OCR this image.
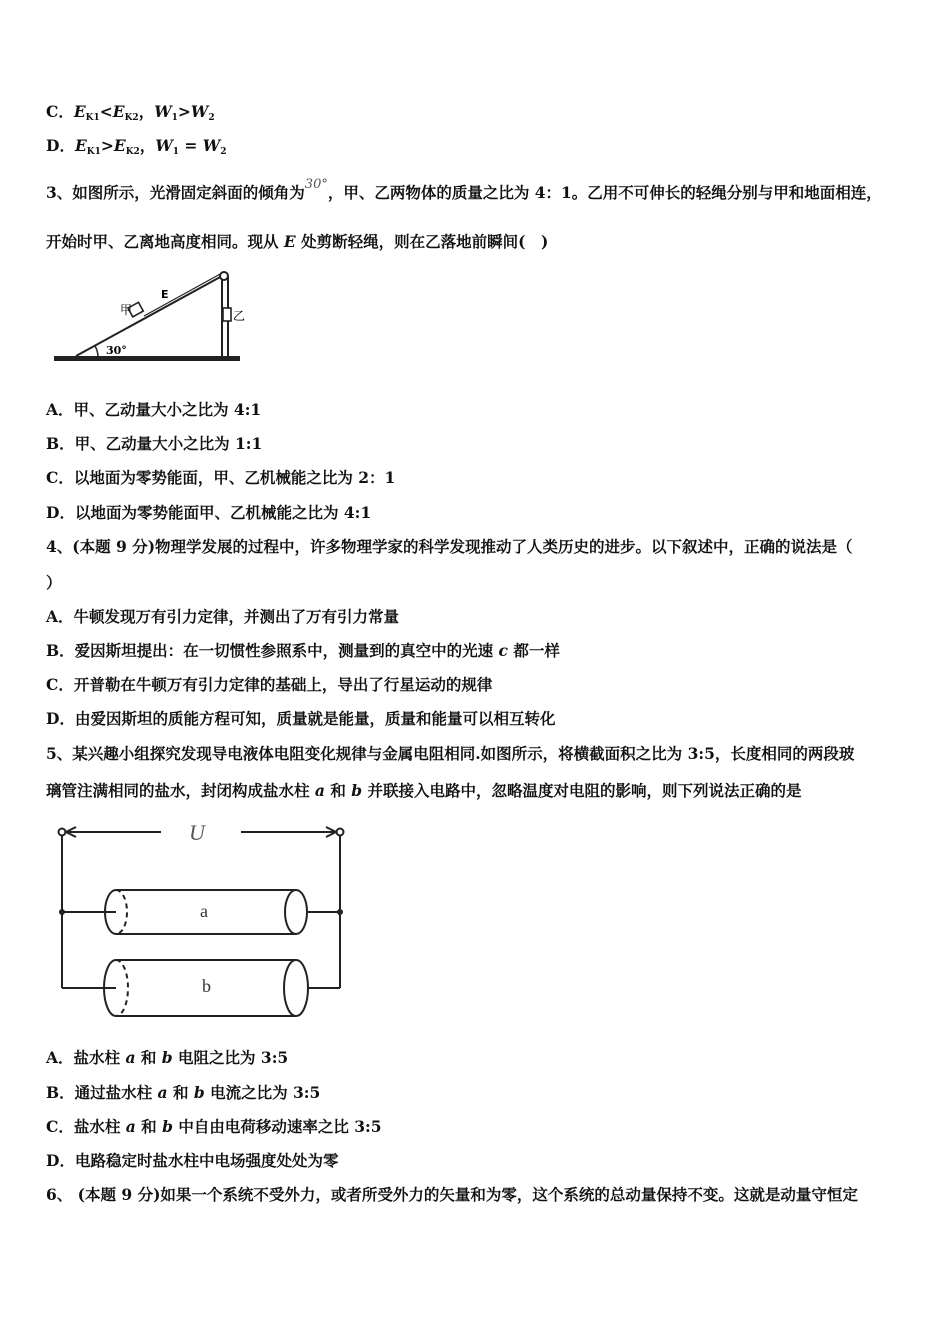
C．$E_{K1}<E_{K2}$，$W_1>W_2$
D．$E_{K1}>E_{K2}$，$W_1 = W_2$
3、如图所示，光滑固定斜面的倾角为$^{30^\circ}$，甲、乙两物体的质量之比为 4：1。乙用不可伸长的轻绳分别与甲和地面相连，
开始时甲、乙离地高度相同。现从 E 处剪断轻绳，则在乙落地前瞬间(　)
甲
E
乙
30°
A．甲、乙动量大小之比为 4:1
B．甲、乙动量大小之比为 1:1
C．以地面为零势能面，甲、乙机械能之比为 2：1
D．以地面为零势能面甲、乙机械能之比为 4:1
4、(本题 9 分)物理学发展的过程中，许多物理学家的科学发现推动了人类历史的进步。以下叙述中，正确的说法是（
）
A．牛顿发现万有引力定律，并测出了万有引力常量
B．爱因斯坦提出：在一切惯性参照系中，测量到的真空中的光速 c 都一样
C．开普勒在牛顿万有引力定律的基础上，导出了行星运动的规律
D．由爱因斯坦的质能方程可知，质量就是能量，质量和能量可以相互转化
5、某兴趣小组探究发现导电液体电阻变化规律与金属电阻相同.如图所示，将横截面积之比为 3:5，长度相同的两段玻
璃管注满相同的盐水，封闭构成盐水柱 a 和 b 并联接入电路中，忽略温度对电阻的影响，则下列说法正确的是
U
a
b
A．盐水柱 a 和 b 电阻之比为 3:5
B．通过盐水柱 a 和 b 电流之比为 3:5
C．盐水柱 a 和 b 中自由电荷移动速率之比 3:5
D．电路稳定时盐水柱中电场强度处处为零
6、 (本题 9 分)如果一个系统不受外力，或者所受外力的矢量和为零，这个系统的总动量保持不变。这就是动量守恒定
